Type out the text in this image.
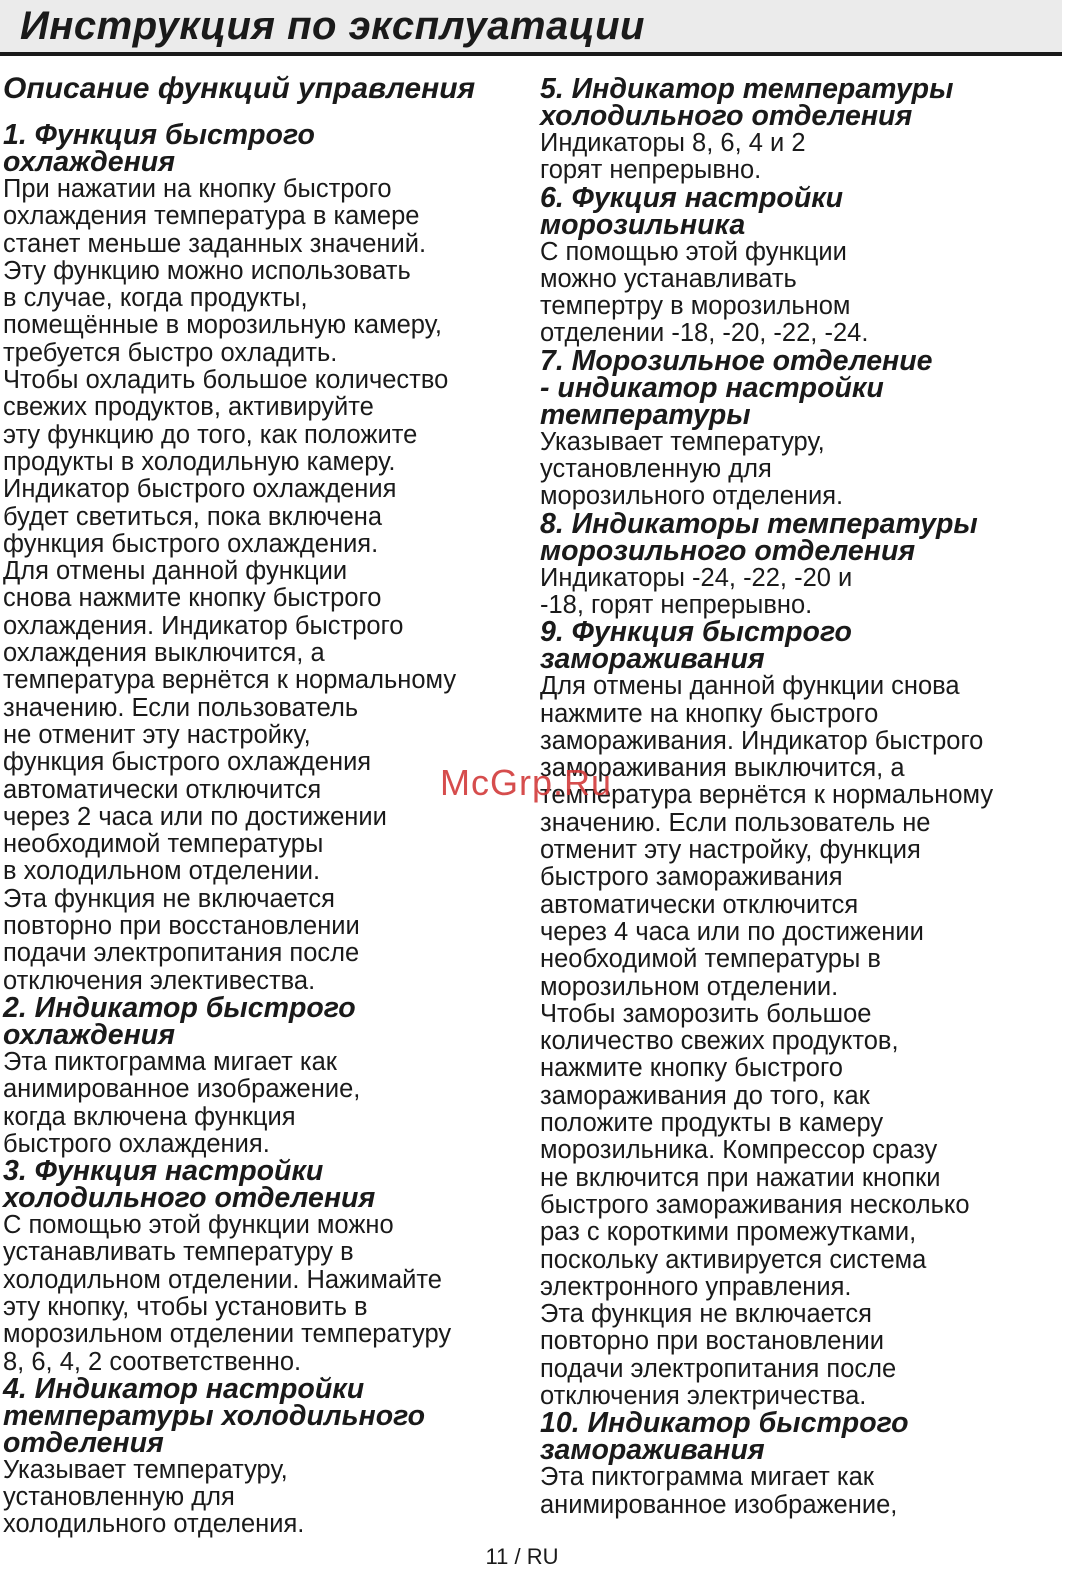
Инструкция по эксплуатации
Описание функций управления
1. Функция быстрого
охлаждения

При нажатии на кнопку быстрого
охлаждения температура в камере
станет меньше заданных значений.
Эту функцию можно использовать
в случае, когда продукты,
помещённые в морозильную камеру,
требуется быстро охладить.
Чтобы охладить большое количество
свежих продуктов, активируйте
эту функцию до того, как положите
продукты в холодильную камеру.
Индикатор быстрого охлаждения
будет светиться, пока включена
функция быстрого охлаждения.
Для отмены данной функции
снова нажмите кнопку быстрого
охлаждения. Индикатор быстрого
охлаждения выключится, а
температура вернётся к нормальному
значению. Если пользователь
не отменит эту настройку,
функция быстрого охлаждения
автоматически отключится
через 2 часа или по достижении
необходимой температуры
в холодильном отделении.
Эта функция не включается
повторно при восстановлении
подачи электропитания после
отключения элективества.

2. Индикатор быстрого
охлаждения

Эта пиктограмма мигает как
анимированное изображение,
когда включена функция
быстрого охлаждения.

3. Функция настройки
холодильного отделения

С помощью этой функции можно
устанавливать температуру в
холодильном отделении. Нажимайте
эту кнопку, чтобы установить в
морозильном отделении температуру
8, 6, 4, 2 соответственно.

4. Индикатор настройки
температуры холодильного
отделения

Указывает температуру,
установленную для
холодильного отделения.

5. Индикатор температуры
холодильного отделения

Индикаторы 8, 6, 4 и 2
горят непрерывно.

6. Фукция настройки
морозильника

С помощью этой функции
можно устанавливать
темпертру в морозильном
отделении -18, -20, -22, -24.

7. Морозильное отделение
- индикатор настройки
температуры

Указывает температуру,
установленную для
морозильного отделения.

8. Индикаторы температуры
морозильного отделения

Индикаторы -24, -22, -20 и
-18, горят непрерывно.

9. Функция быстрого
замораживания

Для отмены данной функции снова
нажмите на кнопку быстрого
замораживания. Индикатор быстрого
замораживания выключится, а
температура вернётся к нормальному
значению. Если пользователь не
отменит эту настройку, функция
быстрого замораживания
автоматически отключится
через 4 часа или по достижении
необходимой температуры в
морозильном отделении.
Чтобы заморозить большое
количество свежих продуктов,
нажмите кнопку быстрого
замораживания до того, как
положите продукты в камеру
морозильника. Компрессор сразу
не включится при нажатии кнопки
быстрого замораживания несколько
раз с короткими промежутками,
поскольку активируется система
электронного управления.
Эта функция не включается
повторно при востановлении
подачи электропитания после
отключения электричества.

10. Индикатор быстрого
замораживания

Эта пиктограмма мигает как
анимированное изображение,

McGrp.Ru
11 / RU
